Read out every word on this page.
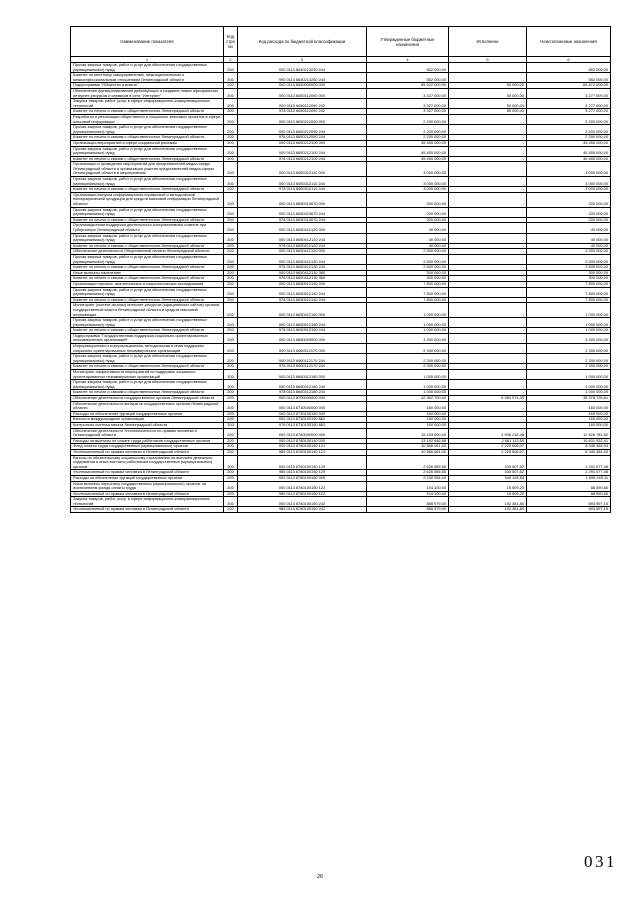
Наименование показателя	Код стро ки	Код расхода по бюджетной классификации	Утвержденные бюджетные назначения	Исполнено	Неисполненные назначения
1	2	3	4	5	6
Прочая закупка товаров, работ и услуг для обеспечения государственных (муниципальных) нужд	200	000 0113 6640213250 244	552 000,00	-	552 000,00
Комитет по местному самоуправлению, межнациональным и межконфессиональным отношениям Ленинградской области	200	990 0113 6640213250 244	552 000,00	-	552 000,00
Подпрограмма "Общество и власть"	200	000 0113 6650000000 000	65 922 000,00	50 000,00	65 872 000,00
Обеспечение функционирования действующих и создание новых официальных интернет-ресурсов и сервисов в сети "Интернет"	200	000 0113 6650112090 000	3 327 000,00	50 000,00	3 277 000,00
Закупка товаров, работ, услуг в сфере информационно-коммуникационных технологий	200	000 0113 6650112090 242	3 327 000,00	50 000,00	3 277 000,00
Комитет по печати и связям с общественностью Ленинградской области	200	978 0113 6650112090 242	3 327 000,00	50 000,00	3 277 000,00
Разработка и реализация общественно и социально значимых проектов в сфере массовой информации	200	000 0113 6650212090 000	2 200 000,00	-	2 200 000,00
Прочая закупка товаров, работ и услуг для обеспечения государственных (муниципальных) нужд	200	000 0113 6650212090 244	2 200 000,00	-	2 200 000,00
Комитет по печати и связям с общественностью Ленинградской области	200	978 0113 6650212090 244	2 200 000,00	-	2 200 000,00
Организация мероприятий в сфере социальной рекламы	200	000 0113 6650212100 000	45 455 000,00	-	45 455 000,00
Прочая закупка товаров, работ и услуг для обеспечения государственных (муниципальных) нужд	200	000 0113 6650212100 244	45 455 000,00	-	45 455 000,00
Комитет по печати и связям с общественностью Ленинградской области	200	978 0113 6650212100 244	45 455 000,00	-	45 455 000,00
Организация и проведение мероприятий для представителей медиа-среды Ленинградской области и организация участия представителей медиа-сферы Ленинградской области в мероприятиях	200	000 0113 6650312110 000	3 000 000,00	-	3 000 000,00
Прочая закупка товаров, работ и услуг для обеспечения государственных (муниципальных) нужд	200	000 0113 6650312110 244	3 000 000,00	-	3 000 000,00
Комитет по печати и связям с общественностью Ленинградской области	200	978 0113 6650312110 244	3 000 000,00	-	3 000 000,00
Организация выпуска информационно-справочной и методической полиграфической продукции для средств массовой информации Ленинградской области	200	000 0113 6650313670 000	200 000,00	-	200 000,00
Прочая закупка товаров, работ и услуг для обеспечения государственных (муниципальных) нужд	200	000 0113 6650313670 244	200 000,00	-	200 000,00
Комитет по печати и связям с общественностью Ленинградской области	200	978 0113 6650313670 244	200 000,00	-	200 000,00
Организационная поддержка деятельности консультативных советов при Губернаторе Ленинградской области	200	000 0113 6650412120 000	40 000,00	-	40 000,00
Прочая закупка товаров, работ и услуг для обеспечения государственных (муниципальных) нужд	200	000 0113 6650412120 244	40 000,00	-	40 000,00
Комитет по печати и связям с общественностью Ленинградской области	200	978 0113 6650412120 244	40 000,00	-	40 000,00
Обеспечение деятельности Общественной палаты Ленинградской области	200	000 0113 6650412130 000	2 900 000,00	-	2 900 000,00
Прочая закупка товаров, работ и услуг для обеспечения государственных (муниципальных) нужд	200	000 0113 6650412130 244	2 600 000,00	-	2 600 000,00
Комитет по печати и связям с общественностью Ленинградской области	200	978 0113 6650412130 244	2 600 000,00	-	2 600 000,00
Иные выплаты населению	200	000 0113 6650412130 360	300 000,00	-	300 000,00
Комитет по печати и связям с общественностью Ленинградской области	200	978 0113 6650412130 360	300 000,00	-	300 000,00
Организация научных, аналитических и социологических исследований	200	000 0113 6650512140 000	7 800 000,00	-	7 800 000,00
Прочая закупка товаров, работ и услуг для обеспечения государственных (муниципальных) нужд	200	000 0113 6650512140 244	7 800 000,00	-	7 800 000,00
Комитет по печати и связям с общественностью Ленинградской области	200	978 0113 6650512140 244	7 800 000,00	-	7 800 000,00
Мониторинг (контент-анализ) интернет-ресурсов (официальных сайтов) органов государственной власти Ленинградской области и средств массовой информации	200	000 0113 6650512150 000	1 000 000,00	-	1 000 000,00
Прочая закупка товаров, работ и услуг для обеспечения государственных (муниципальных) нужд	200	000 0113 6650512150 244	1 000 000,00	-	1 000 000,00
Комитет по печати и связям с общественностью Ленинградской области	200	978 0113 6650512150 244	1 000 000,00	-	1 000 000,00
Подпрограмма "Государственная поддержка социально ориентированных некоммерческих организаций"	200	000 0113 6660000000 000	3 300 000,00	-	3 300 000,00
Информационная и консультационная, методическая и иная поддержка социально ориентированных некоммерческих организаций	200	000 0113 6660112170 000	2 300 000,00	-	2 300 000,00
Прочая закупка товаров, работ и услуг для обеспечения государственных (муниципальных) нужд	200	000 0113 6660112170 244	2 300 000,00	-	2 300 000,00
Комитет по печати и связям с общественностью Ленинградской области	200	978 0113 6660112170 244	2 300 000,00	-	2 300 000,00
Мониторинг эффективности мероприятий по поддержке социально ориентированных некоммерческих организаций	200	000 0113 6660312180 000	1 000 000,00	-	1 000 000,00
Прочая закупка товаров, работ и услуг для обеспечения государственных (муниципальных) нужд	200	000 0113 6660312180 244	1 000 000,00	-	1 000 000,00
Комитет по печати и связям с общественностью Ленинградской области	200	978 0113 6660312180 244	1 000 000,00	-	1 000 000,00
Обеспечение деятельности государственных органов Ленинградской области	200	000 0113 6700000000 000	42 362 700,00	6 983 974,39	35 378 725,61
Обеспечение деятельности аппаратов государственных органов Ленинградской области	200	000 0113 6730000000 000	160 000,00	-	160 000,00
Расходы на обеспечение функций государственных органов	200	000 0113 6730100150 000	160 000,00	-	160 000,00
Взносы в международные организации	200	000 0113 6730100150 862	160 000,00	-	160 000,00
Контрольно-счетная палата Ленинградской области	200	976 0113 6730100150 862	160 000,00	-	160 000,00
Обеспечение деятельности Уполномоченного по правам человека в Ленинградской области	200	000 0113 6780000000 000	15 433 000,00	2 906 218,48	12 526 781,52
Расходы на выплаты по оплате труда работников государственных органов	200	000 0113 6780100140 000	13 192 646,56	2 561 113,59	10 631 532,41
Фонд оплаты труда государственных (муниципальных) органов	200	000 0113 6780100140 121	10 566 061,00	2 225 606,07	8 340 454,93
Уполномоченный по правам человека в Ленинградской области	200	985 0113 6780100140 121	10 566 061,00	2 225 606,07	8 340 454,93
Взносы по обязательному социальному страхованию на выплаты денежного содержания и иные выплаты работникам государственных (муниципальных) органов	200	000 0113 6780100140 129	2 626 585,56	335 507,52	2 291 077,48
Уполномоченный по правам человека в Ленинградской области	200	985 0113 6780100140 129	2 626 585,56	335 507,52	2 291 077,48
Расходы на обеспечение функций государственных органов	200	000 0113 6780100150 000	2 240 264,00	345 104,84	1 895 249,11
Иные выплаты персоналу государственных (муниципальных) органов, за исключением фонда оплаты труда	200	000 0113 6780100150 122	104 100,00	15 509,20	88 590,80
Уполномоченный по правам человека в Ленинградской области	200	985 0113 6780100150 122	104 100,00	15 509,20	88 590,80
Закупка товаров, работ, услуг в сфере информационно-коммуникационных технологий	200	000 0113 6780100150 242	885 979,00	192 381,80	693 597,15
Уполномоченный по правам человека в Ленинградской области	200	985 0113 6780100150 242	885 979,00	192 381,80	693 597,15
26
031
